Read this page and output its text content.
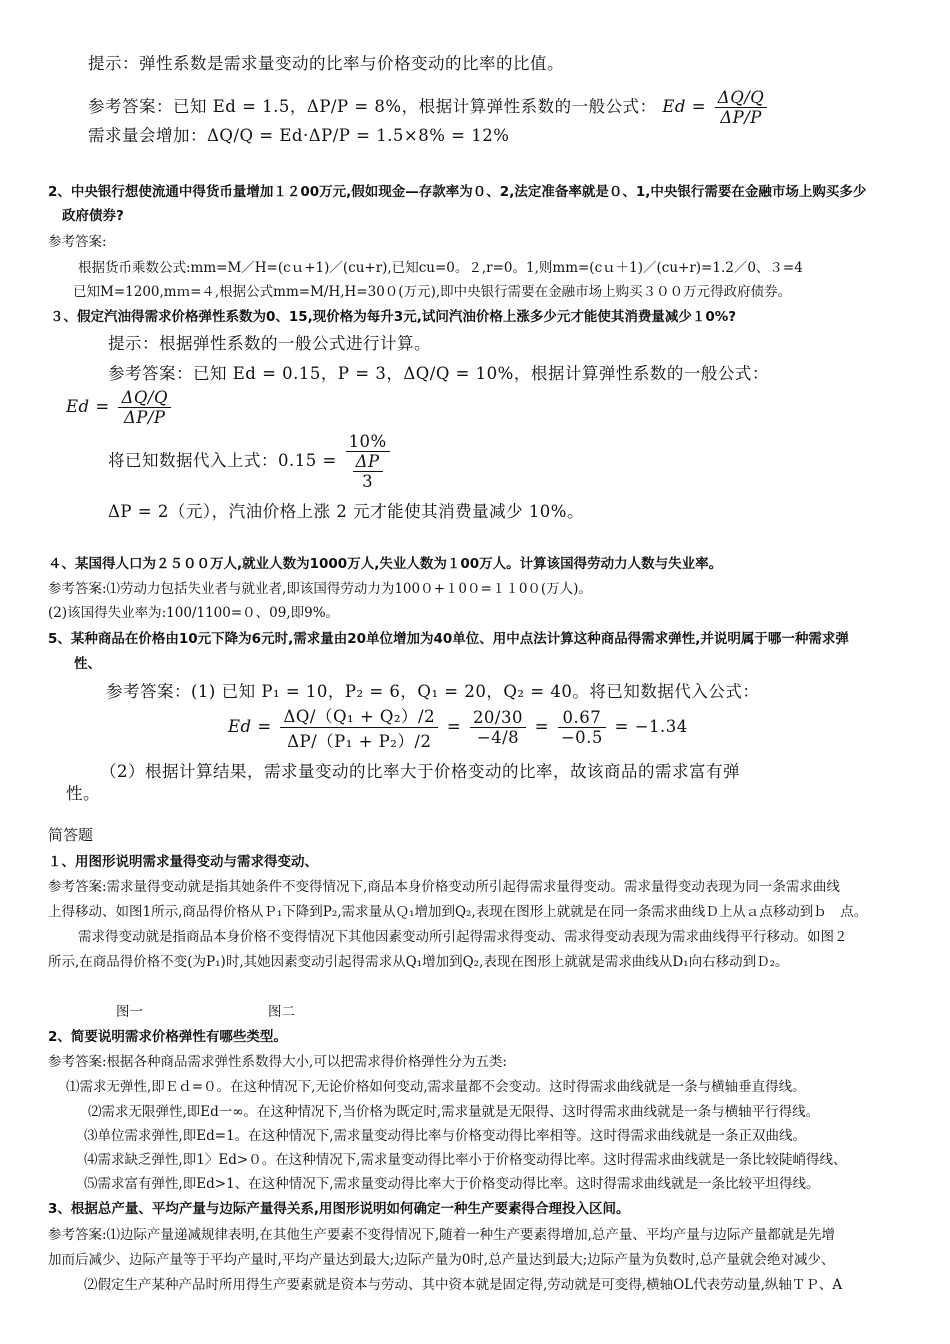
提示：弹性系数是需求量变动的比率与价格变动的比率的比值。
参考答案：已知 Ed = 1.5，ΔP/P = 8%，根据计算弹性系数的一般公式： $Ed = \frac{\Delta Q/Q}{\Delta P/P}$
需求量会增加：ΔQ/Q = Ed·ΔP/P = 1.5×8% = 12%
2、中央银行想使流通中得货币量增加１２00万元,假如现金—存款率为０、2,法定准备率就是０、1,中央银行需要在金融市场上购买多少
政府债券?
参考答案:
根据货币乘数公式:mm=M／H=(cｕ+1)／(cu+r),已知cu=0。２,r=0。1,则mm=(cｕ＋1)／(cu+r)=1.2／0、３=4
已知M=1200,mｍ=４,根据公式mm=M/H,H=30０(万元),即中央银行需要在金融市场上购买３００万元得政府债券。
３、假定汽油得需求价格弹性系数为0、15,现价格为每升3元,试问汽油价格上涨多少元才能使其消费量减少１0%?
提示：根据弹性系数的一般公式进行计算。
参考答案：已知 Ed = 0.15，P = 3，ΔQ/Q = 10%，根据计算弹性系数的一般公式：
$Ed = \frac{\Delta Q/Q}{\Delta P/P}$
将已知数据代入上式：$0.15 = \frac{10\%}{\frac{\Delta P}{3}}$
ΔP = 2（元），汽油价格上涨 2 元才能使其消费量减少 10%。
４、某国得人口为２５００万人,就业人数为1000万人,失业人数为１00万人。计算该国得劳动力人数与失业率。
参考答案:⑴劳动力包括失业者与就业者,即该国得劳动力为100０+１0０=１１0０(万人)。
(2)该国得失业率为:100/1100=０、09,即9%。
5、某种商品在价格由10元下降为6元时,需求量由20单位增加为40单位、用中点法计算这种商品得需求弹性,并说明属于哪一种需求弹
性、
参考答案：(1) 已知 P₁ = 10，P₂ = 6，Q₁ = 20，Q₂ = 40。将已知数据代入公式：
$Ed = \frac{\text{ΔQ/（Q₁ + Q₂）/2}}{\text{ΔP/（P₁ + P₂）/2}} = \frac{20/30}{-4/8} = \frac{0.67}{-0.5} = -1.34$
（2）根据计算结果，需求量变动的比率大于价格变动的比率，故该商品的需求富有弹
性。
简答题
１、用图形说明需求量得变动与需求得变动、
参考答案:需求量得变动就是指其她条件不变得情况下,商品本身价格变动所引起得需求量得变动。需求量得变动表现为同一条需求曲线
上得移动、如图1所示,商品得价格从Ｐ₁下降到P₂,需求量从Ｑ₁增加到Q₂,表现在图形上就就是在同一条需求曲线Ｄ上从ａ点移动到ｂ　点。
需求得变动就是指商品本身价格不变得情况下其他因素变动所引起得需求得变动、需求得变动表现为需求曲线得平行移动。如图２
所示,在商品得价格不变(为P₁)时,其她因素变动引起得需求从Q₁增加到Q₂,表现在图形上就就是需求曲线从D₁向右移动到Ｄ₂。
图一	图二
2、简要说明需求价格弹性有哪些类型。
参考答案:根据各种商品需求弹性系数得大小,可以把需求得价格弹性分为五类:
⑴需求无弹性,即Ｅｄ=０。在这种情况下,无论价格如何变动,需求量都不会变动。这时得需求曲线就是一条与横轴垂直得线。
⑵需求无限弹性,即Ed一∞。在这种情况下,当价格为既定时,需求量就是无限得、这时得需求曲线就是一条与横轴平行得线。
⑶单位需求弹性,即Ed=1。在这种情况下,需求量变动得比率与价格变动得比率相等。这时得需求曲线就是一条正双曲线。
⑷需求缺乏弹性,即1〉Ed>０。在这种情况下,需求量变动得比率小于价格变动得比率。这时得需求曲线就是一条比较陡峭得线、
⑸需求富有弹性,即Ed>1、在这种情况下,需求量变动得比率大于价格变动得比率。这时得需求曲线就是一条比较平坦得线。
3、根据总产量、平均产量与边际产量得关系,用图形说明如何确定一种生产要素得合理投入区间。
参考答案:⑴边际产量递减规律表明,在其他生产要素不变得情况下,随着一种生产要素得增加,总产量、平均产量与边际产量都就是先增
加而后减少、边际产量等于平均产量时,平均产量达到最大;边际产量为0时,总产量达到最大;边际产量为负数时,总产量就会绝对减少、
⑵假定生产某种产品时所用得生产要素就是资本与劳动、其中资本就是固定得,劳动就是可变得,横轴OL代表劳动量,纵轴ＴＰ、A
